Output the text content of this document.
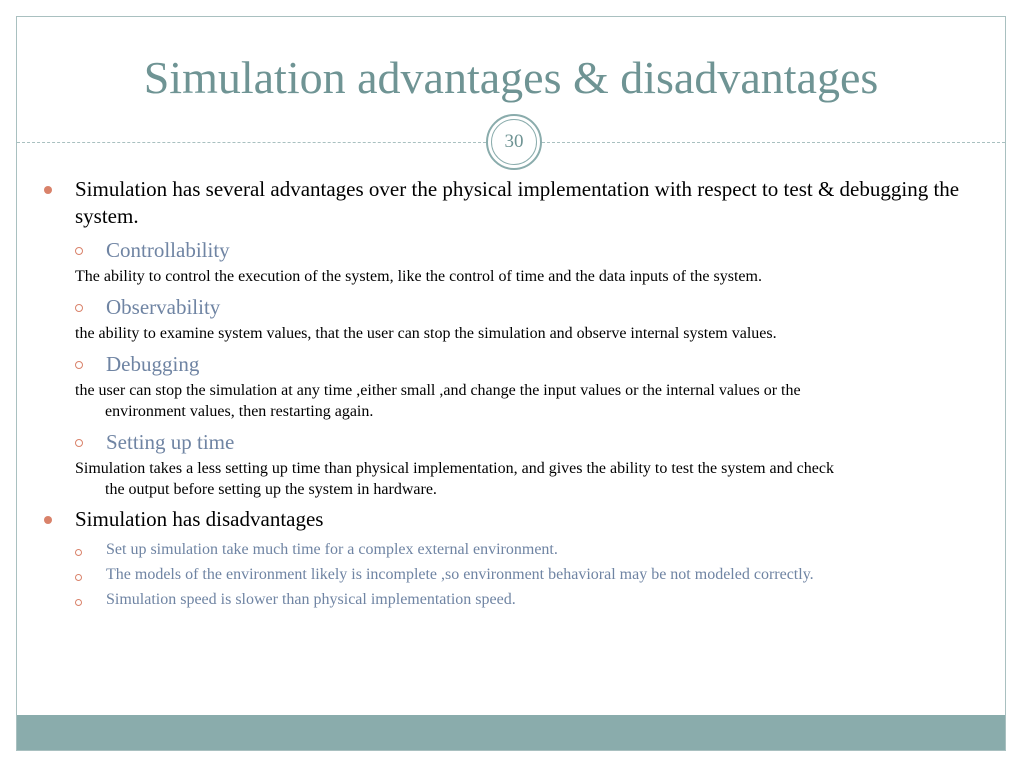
Simulation advantages & disadvantages
30
Simulation has several advantages over the physical implementation with respect to test & debugging the system.
Controllability
The ability to control the execution of the system, like the control of time and the data inputs of the system.
Observability
the ability to examine system values, that the user can stop the simulation and observe internal system values.
Debugging
the user can stop the simulation at any time ,either small ,and change the input values or the internal values or the
environment values, then restarting again.
Setting up time
Simulation takes a less setting up time than physical implementation, and gives the ability to test the system and check
the output before setting up the system in hardware.
Simulation has disadvantages
Set up simulation take much time for a complex external environment.
The models of the environment likely is incomplete ,so environment behavioral may be not modeled correctly.
Simulation speed is slower than physical implementation speed.
